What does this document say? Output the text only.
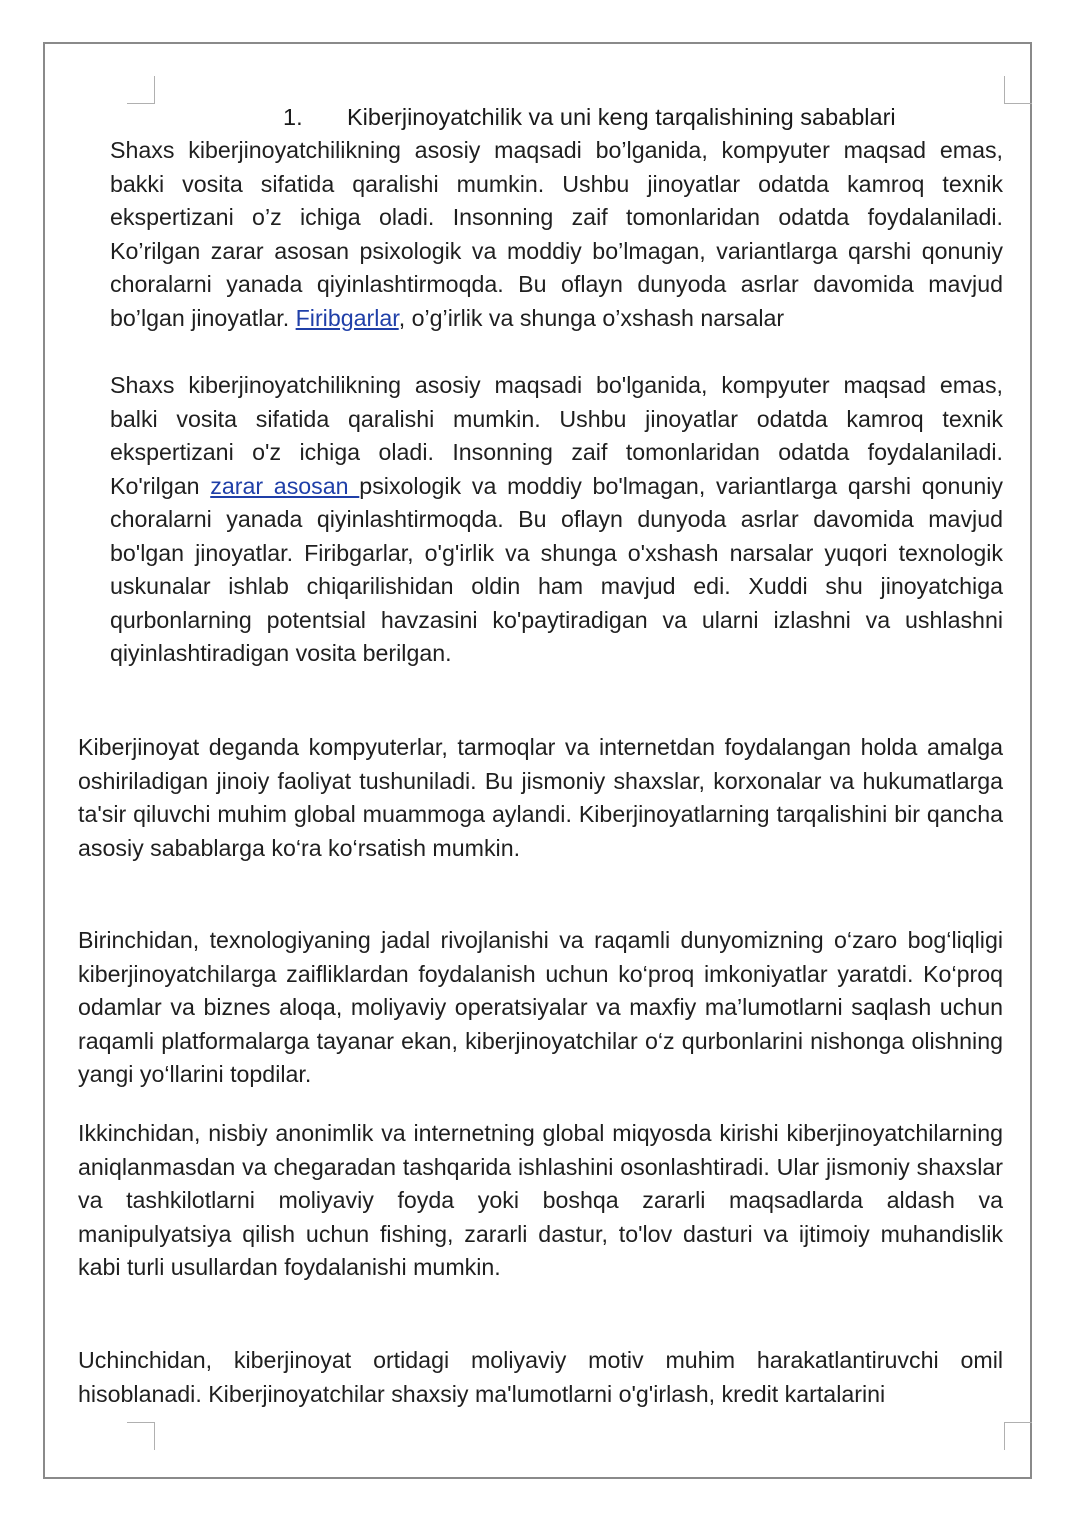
1. Kiberjinoyatchilik va uni keng tarqalishining sabablari

Shaxs kiberjinoyatchilikning asosiy maqsadi bo’lganida, kompyuter maqsad emas, bakki vosita sifatida qaralishi mumkin. Ushbu jinoyatlar odatda kamroq texnik ekspertizani o’z ichiga oladi. Insonning zaif tomonlaridan odatda foydalaniladi. Ko’rilgan zarar asosan psixologik va moddiy bo’lmagan, variantlarga qarshi qonuniy choralarni yanada qiyinlashtirmoqda. Bu oflayn dunyoda asrlar davomida mavjud bo’lgan jinoyatlar. Firibgarlar, o’g’irlik va shunga o’xshash narsalar

Shaxs kiberjinoyatchilikning asosiy maqsadi bo'lganida, kompyuter maqsad emas, balki vosita sifatida qaralishi mumkin. Ushbu jinoyatlar odatda kamroq texnik ekspertizani o'z ichiga oladi. Insonning zaif tomonlaridan odatda foydalaniladi. Ko'rilgan zarar asosan psixologik va moddiy bo'lmagan, variantlarga qarshi qonuniy choralarni yanada qiyinlashtirmoqda. Bu oflayn dunyoda asrlar davomida mavjud bo'lgan jinoyatlar. Firibgarlar, o'g'irlik va shunga o'xshash narsalar yuqori texnologik uskunalar ishlab chiqarilishidan oldin ham mavjud edi. Xuddi shu jinoyatchiga qurbonlarning potentsial havzasini ko'paytiradigan va ularni izlashni va ushlashni qiyinlashtiradigan vosita berilgan.

Kiberjinoyat deganda kompyuterlar, tarmoqlar va internetdan foydalangan holda amalga oshiriladigan jinoiy faoliyat tushuniladi. Bu jismoniy shaxslar, korxonalar va hukumatlarga ta'sir qiluvchi muhim global muammoga aylandi. Kiberjinoyatlarning tarqalishini bir qancha asosiy sabablarga ko‘ra ko‘rsatish mumkin.

Birinchidan, texnologiyaning jadal rivojlanishi va raqamli dunyomizning o‘zaro bog‘liqligi kiberjinoyatchilarga zaifliklardan foydalanish uchun ko‘proq imkoniyatlar yaratdi. Ko‘proq odamlar va biznes aloqa, moliyaviy operatsiyalar va maxfiy ma’lumotlarni saqlash uchun raqamli platformalarga tayanar ekan, kiberjinoyatchilar o‘z qurbonlarini nishonga olishning yangi yo‘llarini topdilar.

Ikkinchidan, nisbiy anonimlik va internetning global miqyosda kirishi kiberjinoyatchilarning aniqlanmasdan va chegaradan tashqarida ishlashini osonlashtiradi. Ular jismoniy shaxslar va tashkilotlarni moliyaviy foyda yoki boshqa zararli maqsadlarda aldash va manipulyatsiya qilish uchun fishing, zararli dastur, to'lov dasturi va ijtimoiy muhandislik kabi turli usullardan foydalanishi mumkin.

Uchinchidan, kiberjinoyat ortidagi moliyaviy motiv muhim harakatlantiruvchi omil hisoblanadi. Kiberjinoyatchilar shaxsiy ma'lumotlarni o'g'irlash, kredit kartalarini
